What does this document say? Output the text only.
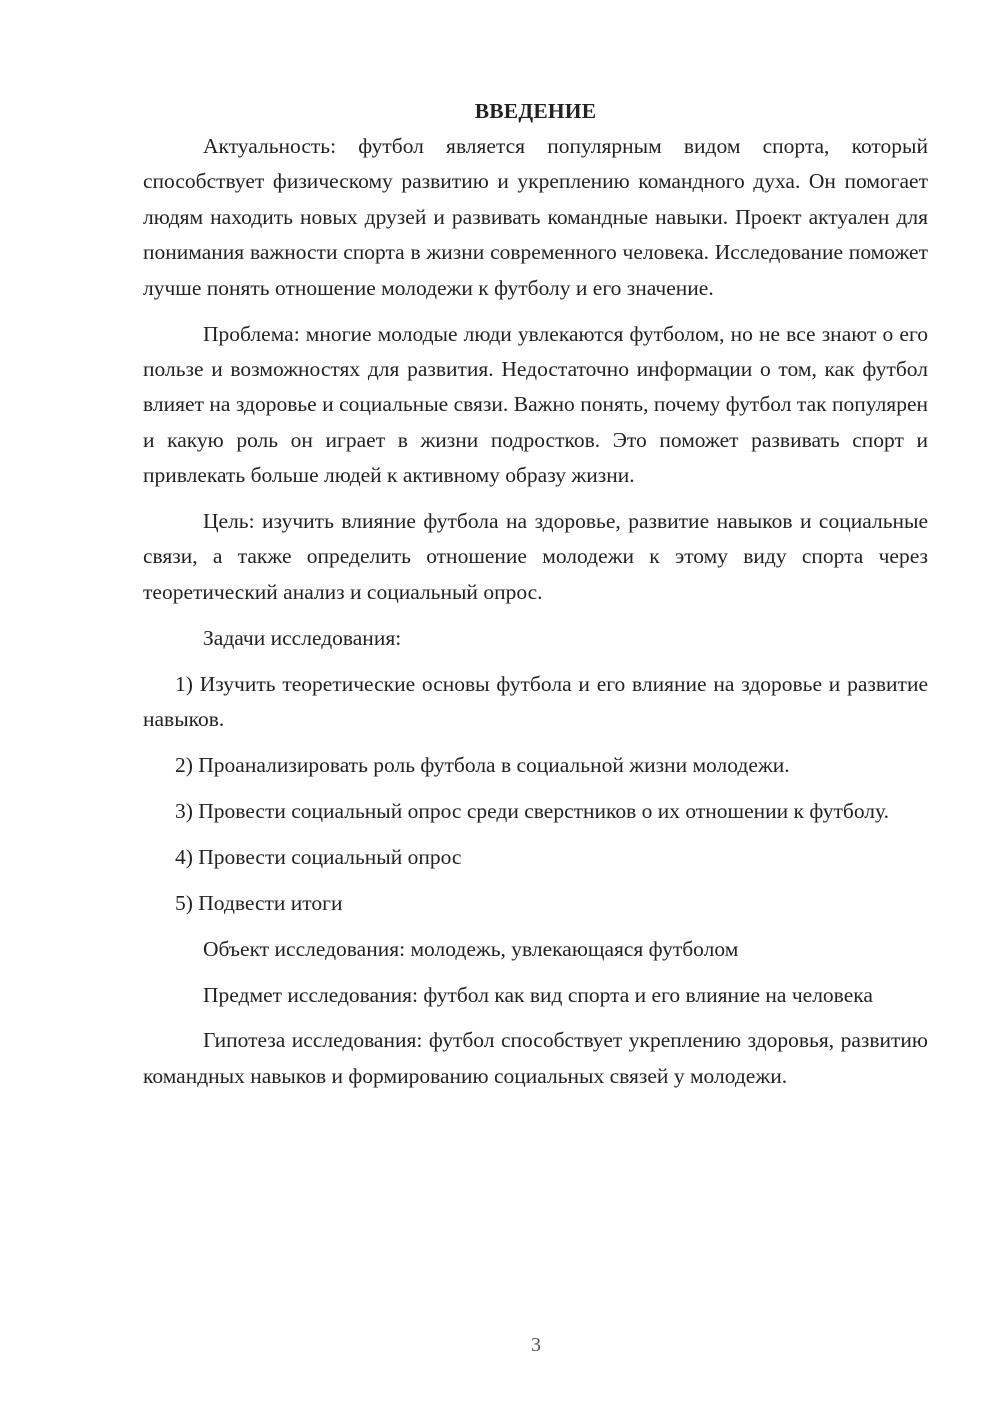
ВВЕДЕНИЕ

Актуальность: футбол является популярным видом спорта, который способствует физическому развитию и укреплению командного духа. Он помогает людям находить новых друзей и развивать командные навыки. Проект актуален для понимания важности спорта в жизни современного человека. Исследование поможет лучше понять отношение молодежи к футболу и его значение.

Проблема: многие молодые люди увлекаются футболом, но не все знают о его пользе и возможностях для развития. Недостаточно информации о том, как футбол влияет на здоровье и социальные связи. Важно понять, почему футбол так популярен и какую роль он играет в жизни подростков. Это поможет развивать спорт и привлекать больше людей к активному образу жизни.

Цель: изучить влияние футбола на здоровье, развитие навыков и социальные связи, а также определить отношение молодежи к этому виду спорта через теоретический анализ и социальный опрос.

Задачи исследования:

1) Изучить теоретические основы футбола и его влияние на здоровье и развитие навыков.

2) Проанализировать роль футбола в социальной жизни молодежи.

3) Провести социальный опрос среди сверстников о их отношении к футболу.

4) Провести социальный опрос

5) Подвести итоги

Объект исследования: молодежь, увлекающаяся футболом

Предмет исследования: футбол как вид спорта и его влияние на человека

Гипотеза исследования: футбол способствует укреплению здоровья, развитию командных навыков и формированию социальных связей у молодежи.

3
